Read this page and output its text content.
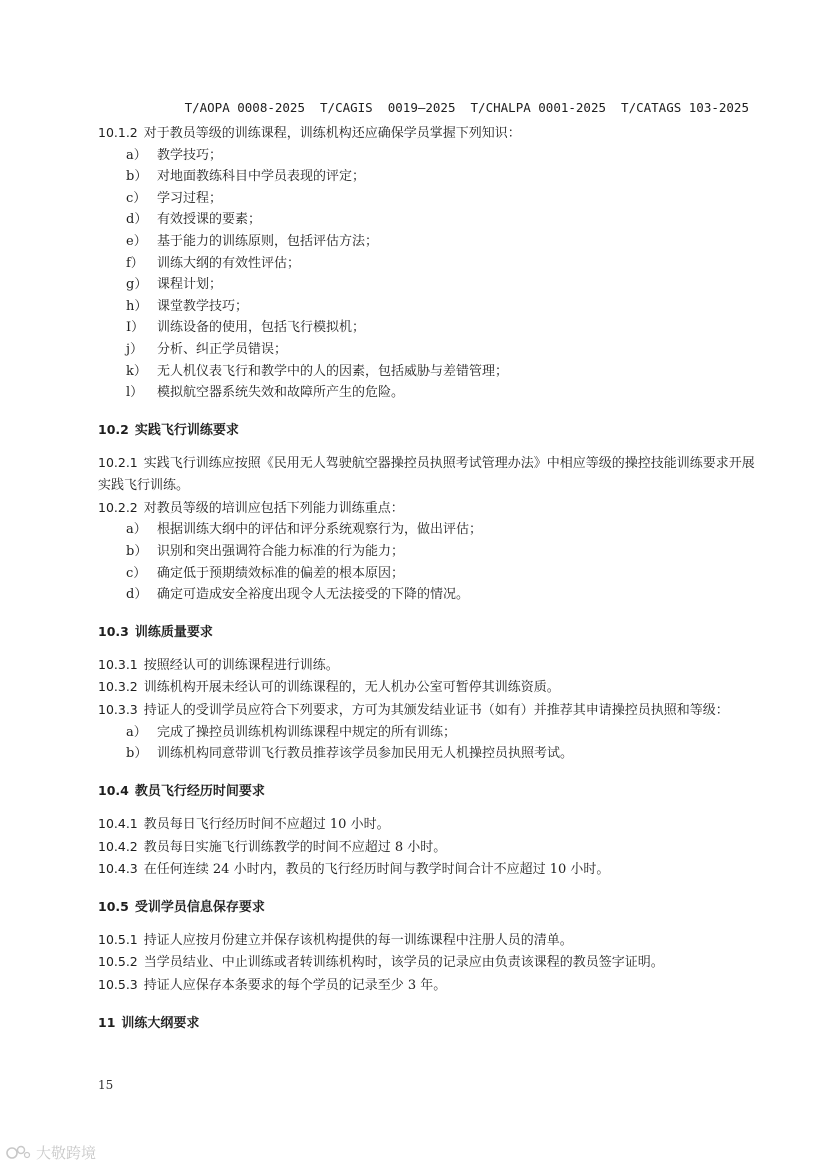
T/AOPA 0008-2025  T/CAGIS  0019—2025  T/CHALPA 0001-2025  T/CATAGS 103-2025
10.1.2 对于教员等级的训练课程，训练机构还应确保学员掌握下列知识：
a） 教学技巧；
b） 对地面教练科目中学员表现的评定；
c） 学习过程；
d） 有效授课的要素；
e） 基于能力的训练原则，包括评估方法；
f） 训练大纲的有效性评估；
g） 课程计划；
h） 课堂教学技巧；
I） 训练设备的使用，包括飞行模拟机；
j） 分析、纠正学员错误；
k） 无人机仪表飞行和教学中的人的因素，包括威胁与差错管理；
l） 模拟航空器系统失效和故障所产生的危险。
10.2 实践飞行训练要求
10.2.1 实践飞行训练应按照《民用无人驾驶航空器操控员执照考试管理办法》中相应等级的操控技能训练要求开展实践飞行训练。
10.2.2 对教员等级的培训应包括下列能力训练重点：
a） 根据训练大纲中的评估和评分系统观察行为，做出评估；
b） 识别和突出强调符合能力标准的行为能力；
c） 确定低于预期绩效标准的偏差的根本原因；
d） 确定可造成安全裕度出现令人无法接受的下降的情况。
10.3 训练质量要求
10.3.1 按照经认可的训练课程进行训练。
10.3.2 训练机构开展未经认可的训练课程的，无人机办公室可暂停其训练资质。
10.3.3 持证人的受训学员应符合下列要求，方可为其颁发结业证书（如有）并推荐其申请操控员执照和等级：
a） 完成了操控员训练机构训练课程中规定的所有训练；
b） 训练机构同意带训飞行教员推荐该学员参加民用无人机操控员执照考试。
10.4 教员飞行经历时间要求
10.4.1 教员每日飞行经历时间不应超过 10 小时。
10.4.2 教员每日实施飞行训练教学的时间不应超过 8 小时。
10.4.3 在任何连续 24 小时内，教员的飞行经历时间与教学时间合计不应超过 10 小时。
10.5 受训学员信息保存要求
10.5.1 持证人应按月份建立并保存该机构提供的每一训练课程中注册人员的清单。
10.5.2 当学员结业、中止训练或者转训练机构时，该学员的记录应由负责该课程的教员签字证明。
10.5.3 持证人应保存本条要求的每个学员的记录至少 3 年。
11 训练大纲要求
15
大敬跨境
